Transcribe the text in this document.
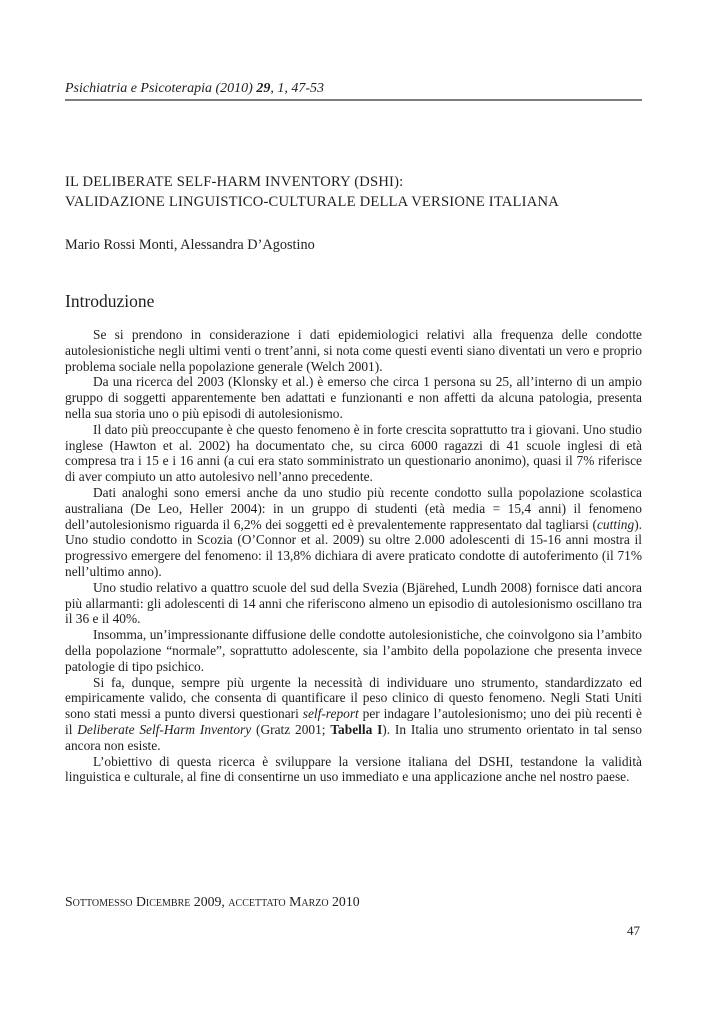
Psichiatria e Psicoterapia (2010) 29, 1, 47-53
IL DELIBERATE SELF-HARM INVENTORY (DSHI):
VALIDAZIONE LINGUISTICO-CULTURALE DELLA VERSIONE ITALIANA
Mario Rossi Monti, Alessandra D’Agostino
Introduzione

Se si prendono in considerazione i dati epidemiologici relativi alla frequenza delle condotte autolesionistiche negli ultimi venti o trent’anni, si nota come questi eventi siano diventati un vero e proprio problema sociale nella popolazione generale (Welch 2001).

Da una ricerca del 2003 (Klonsky et al.) è emerso che circa 1 persona su 25, all’interno di un ampio gruppo di soggetti apparentemente ben adattati e funzionanti e non affetti da alcuna patologia, presenta nella sua storia uno o più episodi di autolesionismo.

Il dato più preoccupante è che questo fenomeno è in forte crescita soprattutto tra i giovani. Uno studio inglese (Hawton et al. 2002) ha documentato che, su circa 6000 ragazzi di 41 scuole inglesi di età compresa tra i 15 e i 16 anni (a cui era stato somministrato un questionario anonimo), quasi il 7% riferisce di aver compiuto un atto autolesivo nell’anno precedente.

Dati analoghi sono emersi anche da uno studio più recente condotto sulla popolazione scolastica australiana (De Leo, Heller 2004): in un gruppo di studenti (età media = 15,4 anni) il fenomeno dell’autolesionismo riguarda il 6,2% dei soggetti ed è prevalentemente rappresentato dal tagliarsi (cutting). Uno studio condotto in Scozia (O’Connor et al. 2009) su oltre 2.000 adolescenti di 15-16 anni mostra il progressivo emergere del fenomeno: il 13,8% dichiara di avere praticato condotte di autoferimento (il 71% nell’ultimo anno).

Uno studio relativo a quattro scuole del sud della Svezia (Bjärehed, Lundh 2008) fornisce dati ancora più allarmanti: gli adolescenti di 14 anni che riferiscono almeno un episodio di autolesionismo oscillano tra il 36 e il 40%.

Insomma, un’impressionante diffusione delle condotte autolesionistiche, che coinvolgono sia l’ambito della popolazione “normale”, soprattutto adolescente, sia l’ambito della popolazione che presenta invece patologie di tipo psichico.

Si fa, dunque, sempre più urgente la necessità di individuare uno strumento, standardizzato ed empiricamente valido, che consenta di quantificare il peso clinico di questo fenomeno. Negli Stati Uniti sono stati messi a punto diversi questionari self-report per indagare l’autolesionismo; uno dei più recenti è il Deliberate Self-Harm Inventory (Gratz 2001; Tabella I). In Italia uno strumento orientato in tal senso ancora non esiste.

L’obiettivo di questa ricerca è sviluppare la versione italiana del DSHI, testandone la validità linguistica e culturale, al fine di consentirne un uso immediato e una applicazione anche nel nostro paese.

Sottomesso Dicembre 2009, accettato Marzo 2010
47
